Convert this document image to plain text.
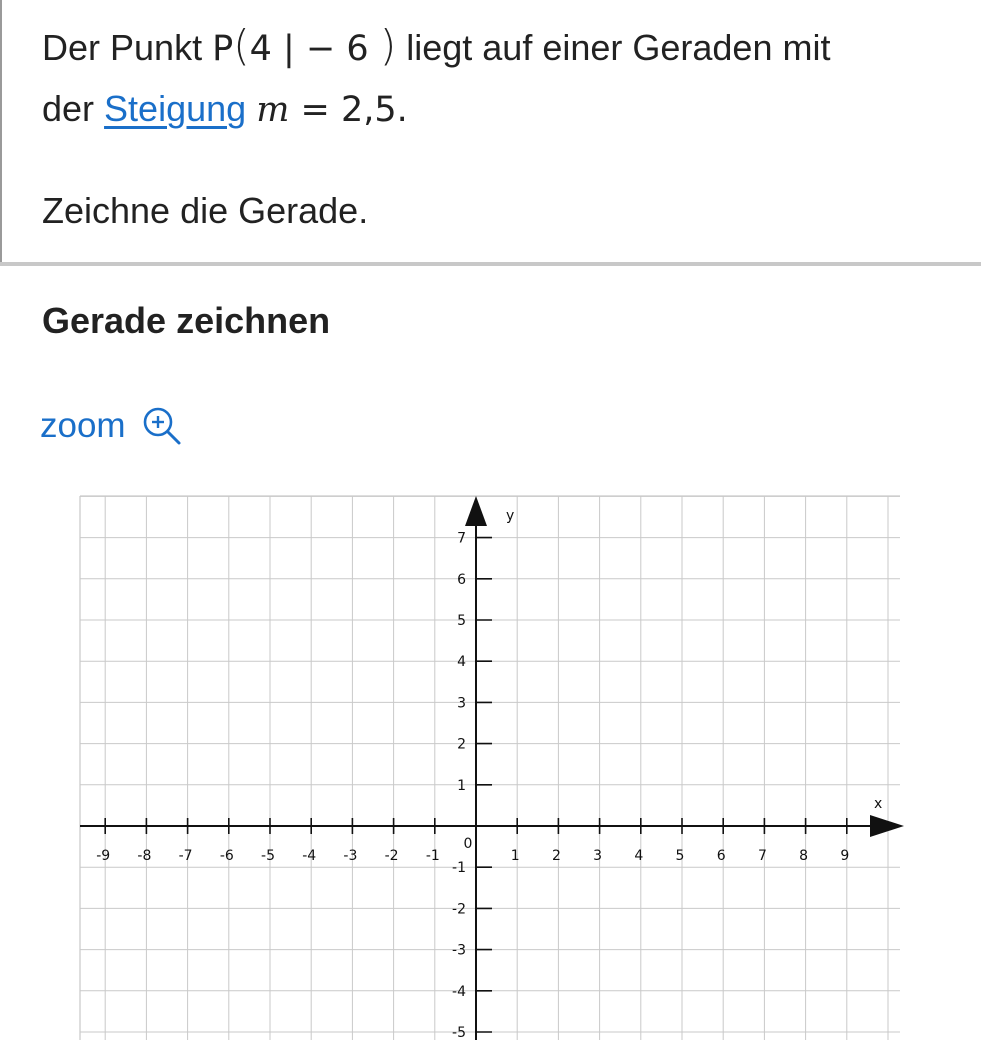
Der Punkt P(4 | − 6 ) liegt auf einer Geraden mit
der Steigung m = 2,5.
Zeichne die Gerade.
Gerade zeichnen
zoom
x
y
0
-9 -8 -7 -6 -5 -4 -3 -2 -1	1 2 3 4 5 6 7 8 9
7
6
5
4
3
2
1
-1
-2
-3
-4
-5
